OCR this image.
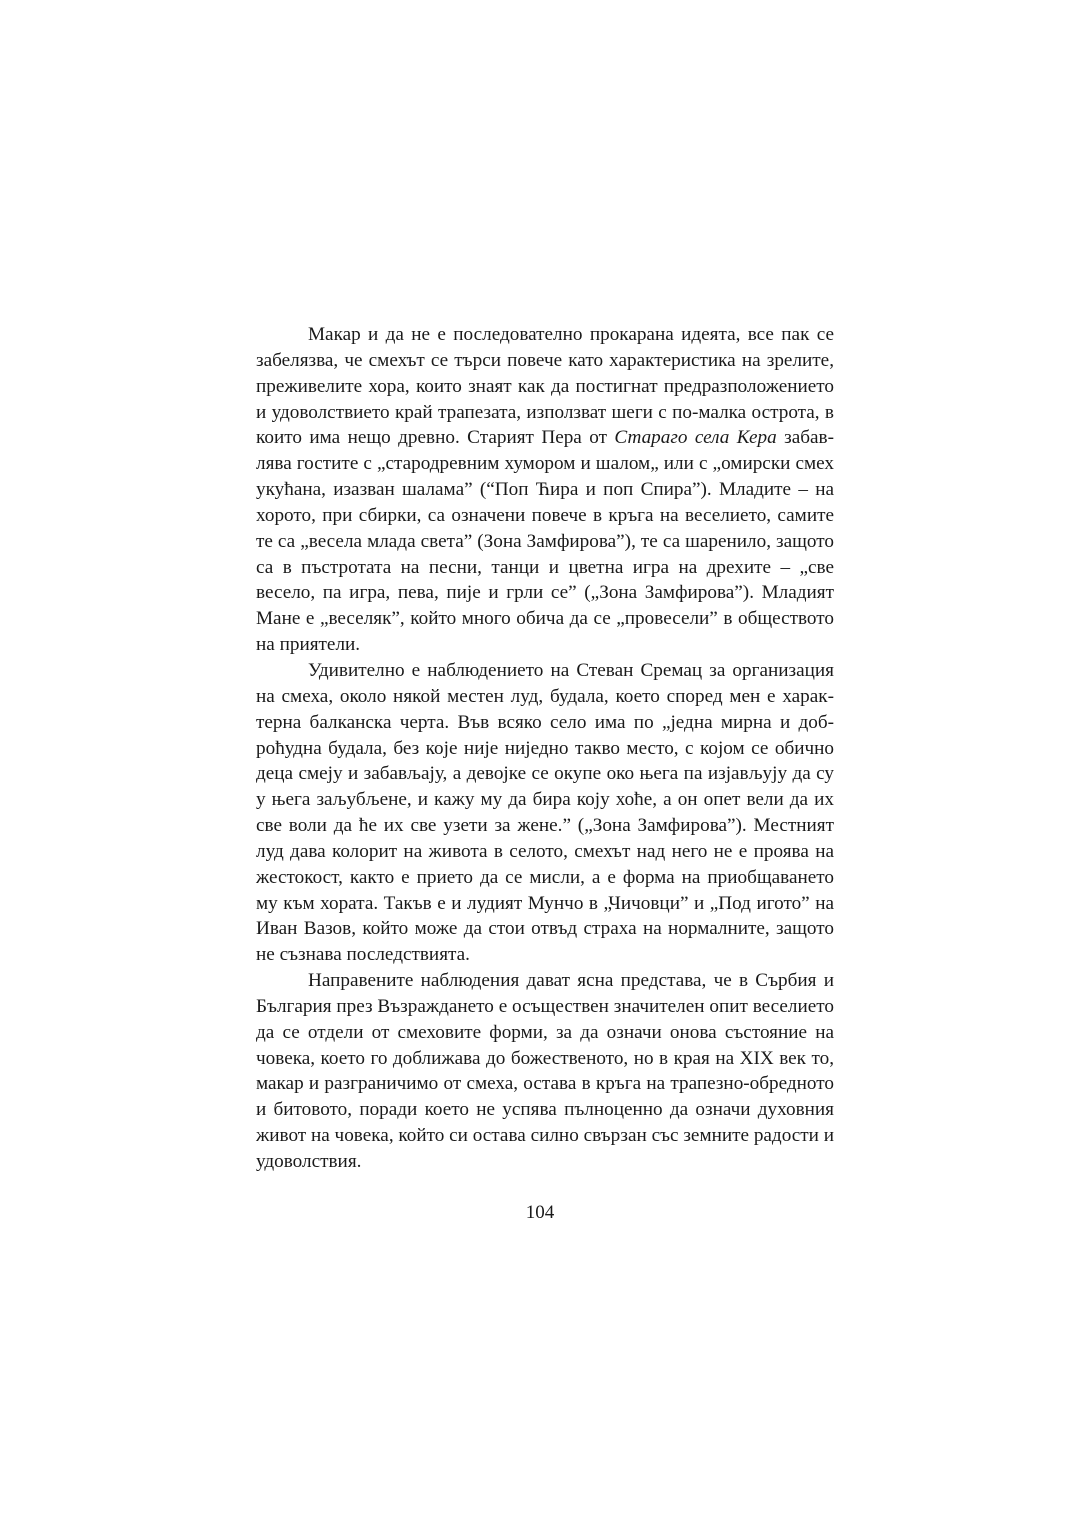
Макар и да не е последователно прокарана идеята, все пак се забелязва, че смехът се търси повече като характеристика на зрелите, преживелите хора, които знаят как да постигнат предразположението и удоволствието край трапезата, използват шеги с по-малка острота, в които има нещо древно. Старият Пера от Стараго села Кера забавлява гостите с „стародревним хумором и шалом„ или с „омирски смех укућана, изазван шалама” (“Поп Ћира и поп Спира”). Младите – на хорото, при сбирки, са означени повече в кръга на веселието, самите те са „весела млада света” (Зона Замфирова”), те са шаренило, защото са в пъстротата на песни, танци и цветна игра на дрехите – „све весело, па игра, пева, пије и грли се” („Зона Замфирова”). Младият Мане е „веселяк”, който много обича да се „провесели” в обществото на приятели.

Удивително е наблюдението на Стеван Сремац за организация на смеха, около някой местен луд, будала, което според мен е характерна балканска черта. Във всяко село има по „једна мирна и доброћудна будала, без које није ниједно такво место, с којом се обично деца смеју и забављају, а девојке се окупе око њега па изјављују да су у њега заљубљене, и кажу му да бира коју хоће, а он опет вели да их све воли да ће их све узети за жене.” („Зона Замфирова”). Местният луд дава колорит на живота в селото, смехът над него не е проява на жестокост, както е прието да се мисли, а е форма на приобщаването му към хората. Такъв е и лудият Мунчо в „Чичовци” и „Под игото” на Иван Вазов, който може да стои отвъд страха на нормалните, защото не съзнава последствията.

Направените наблюдения дават ясна представа, че в Сърбия и България през Възраждането е осъществен значителен опит веселието да се отдели от смеховите форми, за да означи онова състояние на човека, което го доближава до божественото, но в края на XIX век то, макар и разграничимо от смеха, остава в кръга на трапезно-обредното и битовото, поради което не успява пълноценно да означи духовния живот на човека, който си остава силно свързан със земните радости и удоволствия.

104
